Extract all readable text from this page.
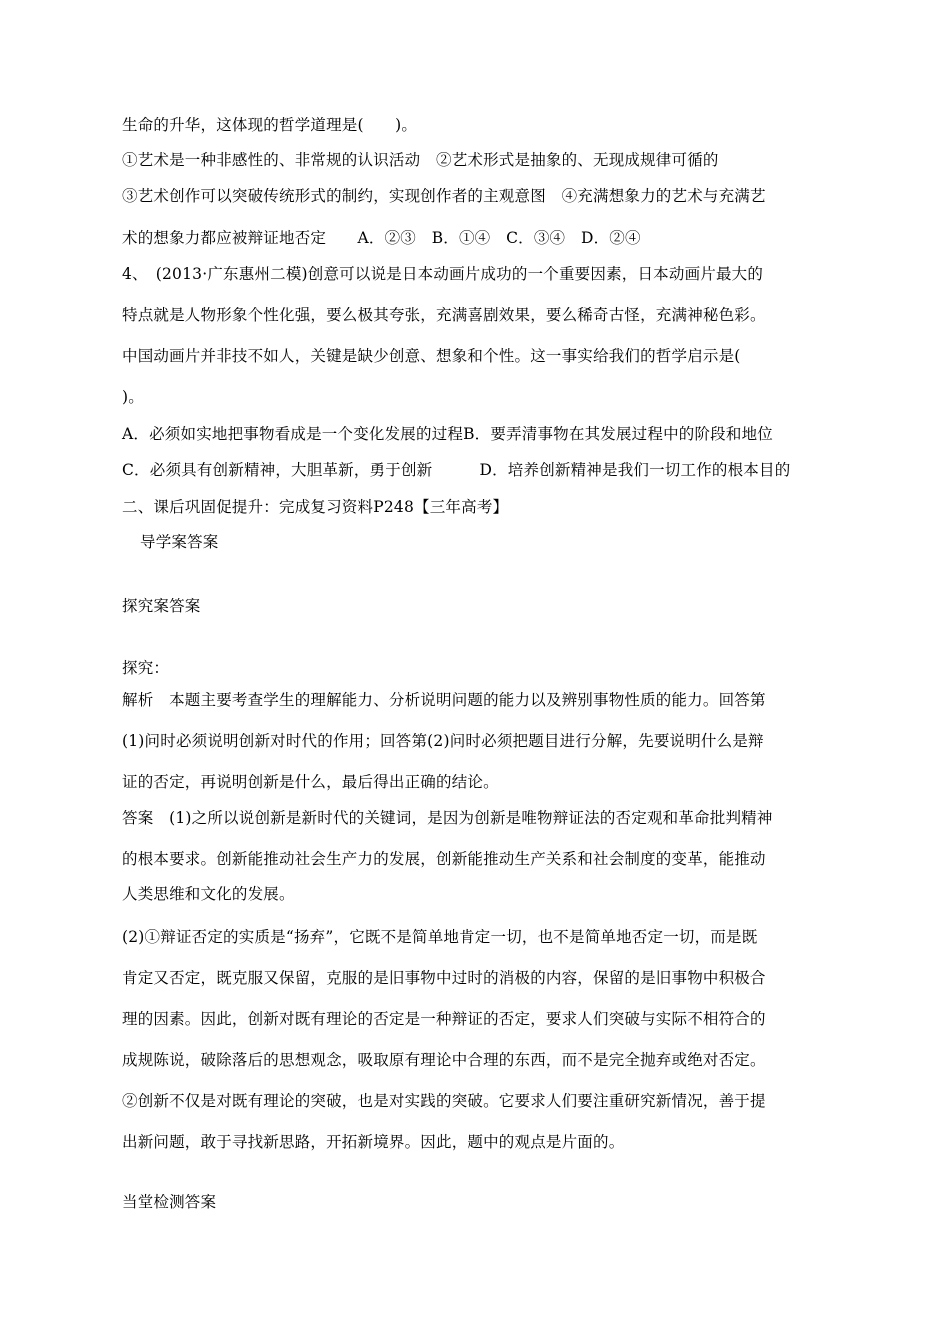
生命的升华，这体现的哲学道理是(　　)。
①艺术是一种非感性的、非常规的认识活动　②艺术形式是抽象的、无现成规律可循的
③艺术创作可以突破传统形式的制约，实现创作者的主观意图　④充满想象力的艺术与充满艺
术的想象力都应被辩证地否定　　A．②③　B．①④　C．③④　D．②④
4、　(2013·广东惠州二模)创意可以说是日本动画片成功的一个重要因素，日本动画片最大的
特点就是人物形象个性化强，要么极其夸张，充满喜剧效果，要么稀奇古怪，充满神秘色彩。
中国动画片并非技不如人，关键是缺少创意、想象和个性。这一事实给我们的哲学启示是(
)。
A．必须如实地把事物看成是一个变化发展的过程B．要弄清事物在其发展过程中的阶段和地位
C．必须具有创新精神，大胆革新，勇于创新　　　D．培养创新精神是我们一切工作的根本目的
二、课后巩固促提升：完成复习资料P248【三年高考】
导学案答案
探究案答案
探究：
解析　本题主要考查学生的理解能力、分析说明问题的能力以及辨别事物性质的能力。回答第
(1)问时必须说明创新对时代的作用；回答第(2)问时必须把题目进行分解，先要说明什么是辩
证的否定，再说明创新是什么，最后得出正确的结论。
答案　(1)之所以说创新是新时代的关键词，是因为创新是唯物辩证法的否定观和革命批判精神
的根本要求。创新能推动社会生产力的发展，创新能推动生产关系和社会制度的变革，能推动
人类思维和文化的发展。
(2)①辩证否定的实质是“扬弃”，它既不是简单地肯定一切，也不是简单地否定一切，而是既
肯定又否定，既克服又保留，克服的是旧事物中过时的消极的内容，保留的是旧事物中积极合
理的因素。因此，创新对既有理论的否定是一种辩证的否定，要求人们突破与实际不相符合的
成规陈说，破除落后的思想观念，吸取原有理论中合理的东西，而不是完全抛弃或绝对否定。
②创新不仅是对既有理论的突破，也是对实践的突破。它要求人们要注重研究新情况，善于提
出新问题，敢于寻找新思路，开拓新境界。因此，题中的观点是片面的。
当堂检测答案
